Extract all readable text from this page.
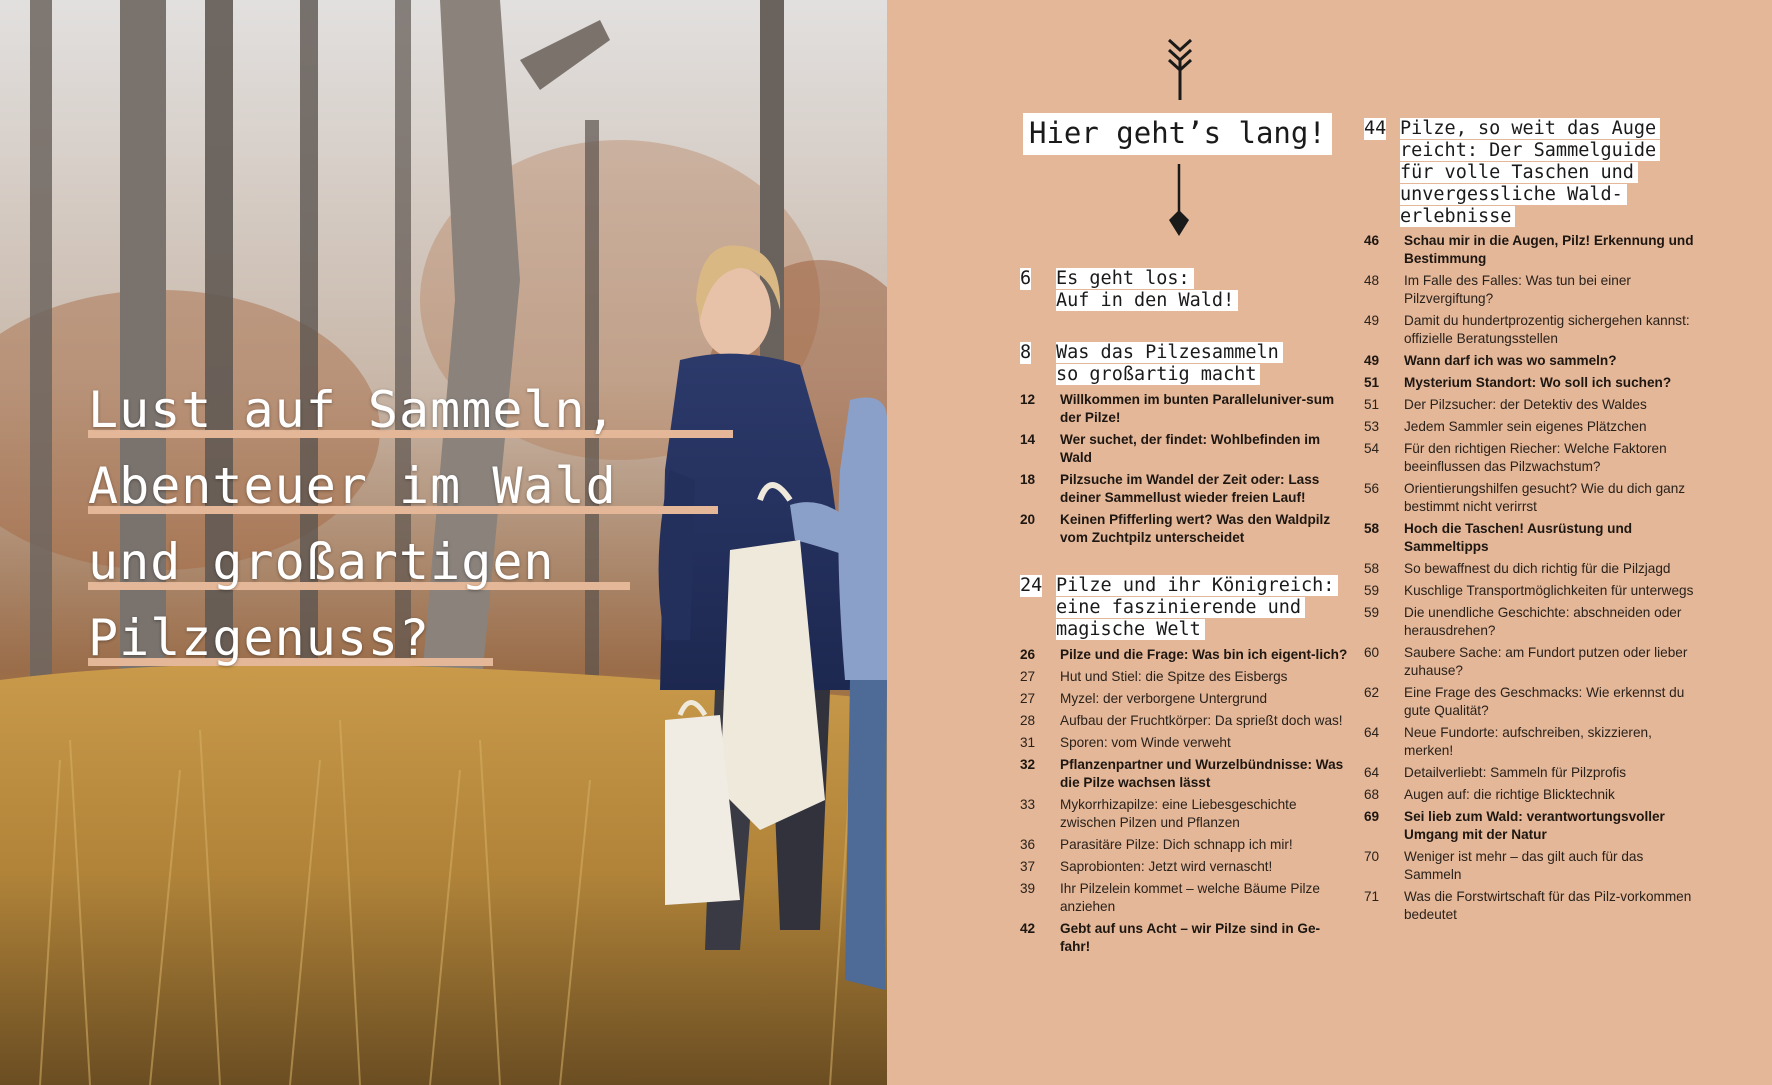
Lust auf Sammeln,
Abenteuer im Wald
und großartigen
Pilzgenuss?
Hier geht’s lang!
6 Es geht los:
Auf in den Wald!
8 Was das Pilzesammeln
so großartig macht
12	Willkommen im bunten Paralleluniver-sum der Pilze!
14	Wer suchet, der findet: Wohlbefinden im Wald
18	Pilzsuche im Wandel der Zeit oder: Lass deiner Sammellust wieder freien Lauf!
20	Keinen Pfifferling wert? Was den Waldpilz vom Zuchtpilz unterscheidet
24 Pilze und ihr Königreich:
eine faszinierende und
magische Welt
26	Pilze und die Frage: Was bin ich eigent-lich?
27	Hut und Stiel: die Spitze des Eisbergs
27	Myzel: der verborgene Untergrund
28	Aufbau der Fruchtkörper: Da sprießt doch was!
31	Sporen: vom Winde verweht
32	Pflanzenpartner und Wurzelbündnisse: Was die Pilze wachsen lässt
33	Mykorrhizapilze: eine Liebesgeschichte zwischen Pilzen und Pflanzen
36	Parasitäre Pilze: Dich schnapp ich mir!
37	Saprobionten: Jetzt wird vernascht!
39	Ihr Pilzelein kommet – welche Bäume Pilze anziehen
42	Gebt auf uns Acht – wir Pilze sind in Ge-fahr!
44 Pilze, so weit das Auge
reicht: Der Sammelguide
für volle Taschen und
unvergessliche Wald-
erlebnisse
46	Schau mir in die Augen, Pilz! Erkennung und Bestimmung
48	Im Falle des Falles: Was tun bei einer Pilzvergiftung?
49	Damit du hundertprozentig sichergehen kannst: offizielle Beratungsstellen
49	Wann darf ich was wo sammeln?
51	Mysterium Standort: Wo soll ich suchen?
51	Der Pilzsucher: der Detektiv des Waldes
53	Jedem Sammler sein eigenes Plätzchen
54	Für den richtigen Riecher: Welche Faktoren beeinflussen das Pilzwachstum?
56	Orientierungshilfen gesucht? Wie du dich ganz bestimmt nicht verirrst
58	Hoch die Taschen! Ausrüstung und Sammeltipps
58	So bewaffnest du dich richtig für die Pilzjagd
59	Kuschlige Transportmöglichkeiten für unterwegs
59	Die unendliche Geschichte: abschneiden oder herausdrehen?
60	Saubere Sache: am Fundort putzen oder lieber zuhause?
62	Eine Frage des Geschmacks: Wie erkennst du gute Qualität?
64	Neue Fundorte: aufschreiben, skizzieren, merken!
64	Detailverliebt: Sammeln für Pilzprofis
68	Augen auf: die richtige Blicktechnik
69	Sei lieb zum Wald: verantwortungsvoller Umgang mit der Natur
70	Weniger ist mehr – das gilt auch für das Sammeln
71	Was die Forstwirtschaft für das Pilz-vorkommen bedeutet
